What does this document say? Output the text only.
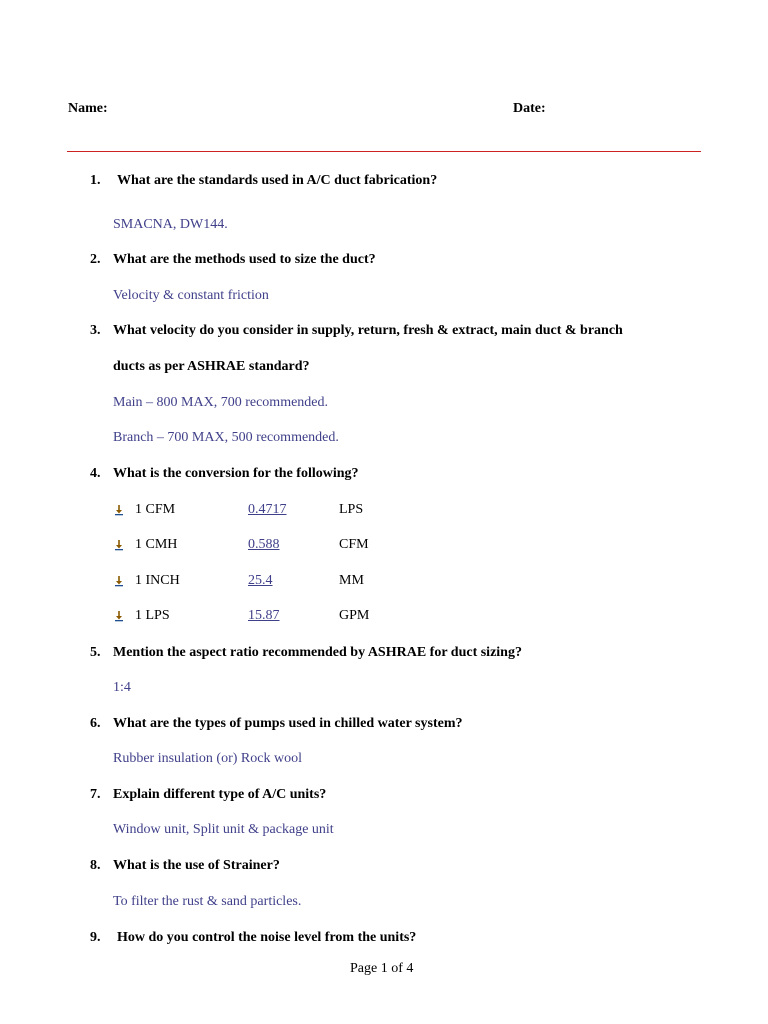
Name:	Date:
1. What are the standards used in A/C duct fabrication?
SMACNA, DW144.
2. What are the methods used to size the duct?
Velocity & constant friction
3. What velocity do you consider in supply, return, fresh & extract, main duct & branch
ducts as per ASHRAE standard?
Main – 800 MAX, 700 recommended.
Branch – 700 MAX, 500 recommended.
4. What is the conversion for the following?
1 CFM	0.4717	LPS
1 CMH	0.588	CFM
1 INCH	25.4	MM
1 LPS	15.87	GPM
5. Mention the aspect ratio recommended by ASHRAE for duct sizing?
1:4
6. What are the types of pumps used in chilled water system?
Rubber insulation (or) Rock wool
7. Explain different type of A/C units?
Window unit, Split unit & package unit
8. What is the use of Strainer?
To filter the rust & sand particles.
9. How do you control the noise level from the units?
Page 1 of 4
